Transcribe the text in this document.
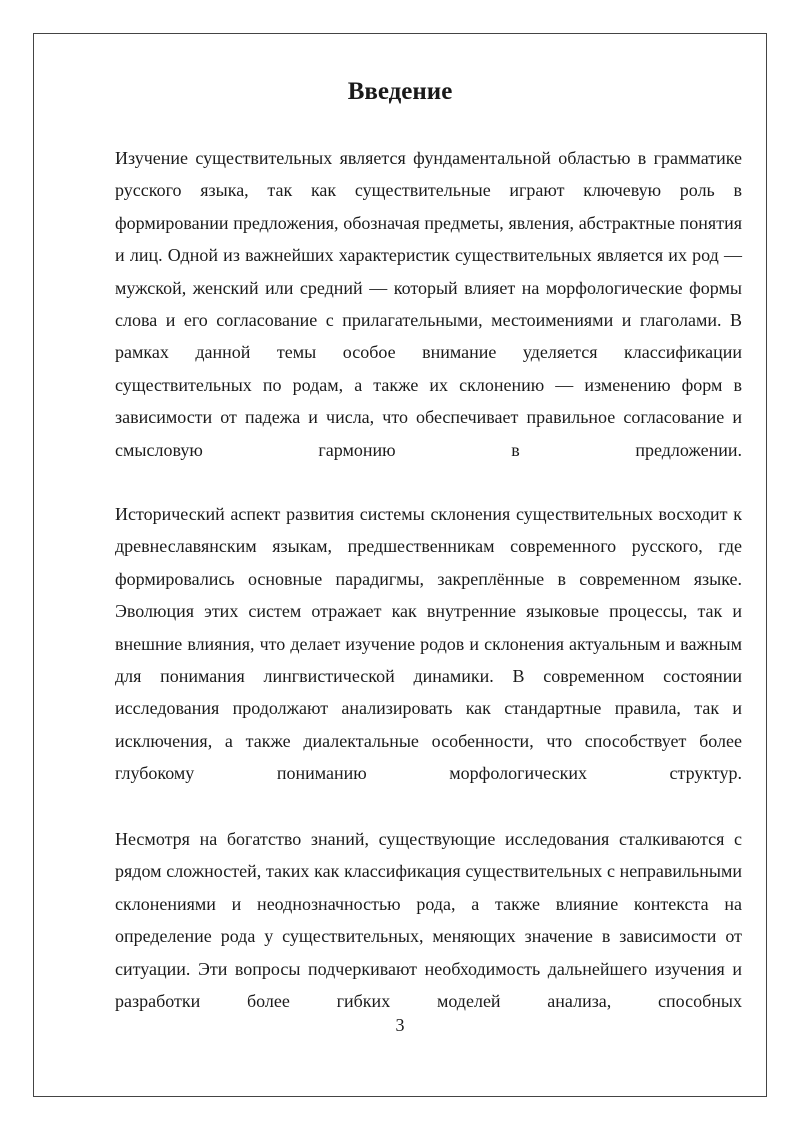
Введение

Изучение существительных является фундаментальной областью в грамматике русского языка, так как существительные играют ключевую роль в формировании предложения, обозначая предметы, явления, абстрактные понятия и лиц. Одной из важнейших характеристик существительных является их род — мужской, женский или средний — который влияет на морфологические формы слова и его согласование с прилагательными, местоимениями и глаголами. В рамках данной темы особое внимание уделяется классификации существительных по родам, а также их склонению — изменению форм в зависимости от падежа и числа, что обеспечивает правильное согласование и смысловую гармонию в предложении.

Исторический аспект развития системы склонения существительных восходит к древнеславянским языкам, предшественникам современного русского, где формировались основные парадигмы, закреплённые в современном языке. Эволюция этих систем отражает как внутренние языковые процессы, так и внешние влияния, что делает изучение родов и склонения актуальным и важным для понимания лингвистической динамики. В современном состоянии исследования продолжают анализировать как стандартные правила, так и исключения, а также диалектальные особенности, что способствует более глубокому пониманию морфологических структур.

Несмотря на богатство знаний, существующие исследования сталкиваются с рядом сложностей, таких как классификация существительных с неправильными склонениями и неоднозначностью рода, а также влияние контекста на определение рода у существительных, меняющих значение в зависимости от ситуации. Эти вопросы подчеркивают необходимость дальнейшего изучения и разработки более гибких моделей анализа, способных

3
